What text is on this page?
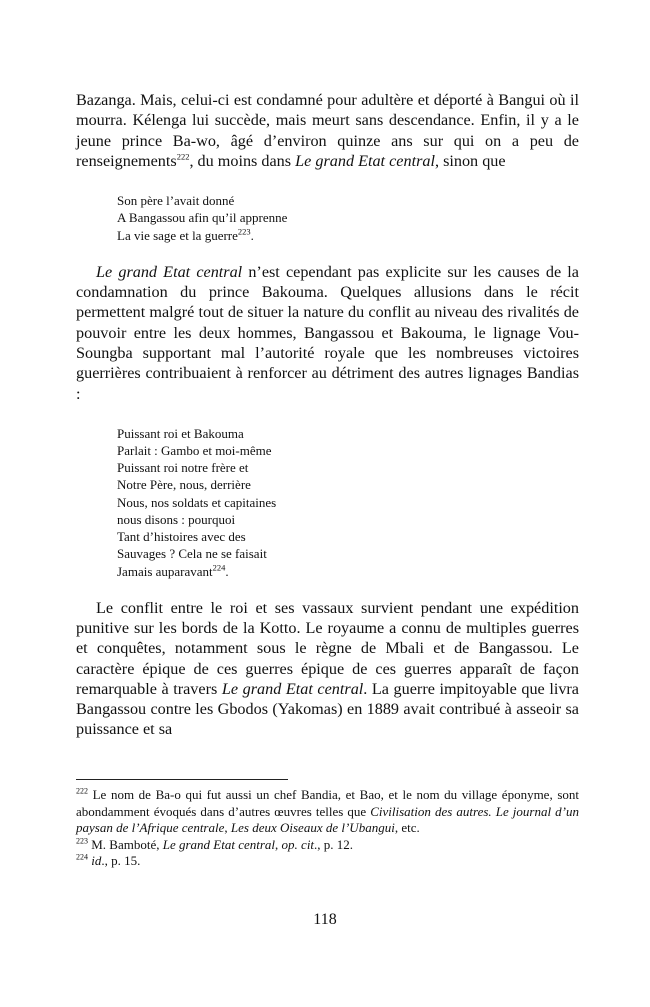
Bazanga. Mais, celui-ci est condamné pour adultère et déporté à Bangui où il mourra. Kélenga lui succède, mais meurt sans descendance. Enfin, il y a le jeune prince Ba-wo, âgé d’environ quinze ans sur qui on a peu de renseignements$^{222}$, du moins dans Le grand Etat central, sinon que

Son père l’avait donné
A Bangassou afin qu’il apprenne
La vie sage et la guerre$^{223}$.

Le grand Etat central n’est cependant pas explicite sur les causes de la condamnation du prince Bakouma. Quelques allusions dans le récit permettent malgré tout de situer la nature du conflit au niveau des rivalités de pouvoir entre les deux hommes, Bangassou et Bakouma, le lignage Vou-Soungba supportant mal l’autorité royale que les nombreuses victoires guerrières contribuaient à renforcer au détriment des autres lignages Bandias :

Puissant roi et Bakouma
Parlait : Gambo et moi-même
Puissant roi notre frère et
Notre Père, nous, derrière
Nous, nos soldats et capitaines
nous disons : pourquoi
Tant d’histoires avec des
Sauvages ? Cela ne se faisait
Jamais auparavant$^{224}$.

Le conflit entre le roi et ses vassaux survient pendant une expédition punitive sur les bords de la Kotto. Le royaume a connu de multiples guerres et conquêtes, notamment sous le règne de Mbali et de Bangassou. Le caractère épique de ces guerres épique de ces guerres apparaît de façon remarquable à travers Le grand Etat central. La guerre impitoyable que livra Bangassou contre les Gbodos (Yakomas) en 1889 avait contribué à asseoir sa puissance et sa

$^{222}$ Le nom de Ba-o qui fut aussi un chef Bandia, et Bao, et le nom du village éponyme, sont abondamment évoqués dans d’autres œuvres telles que Civilisation des autres. Le journal d’un paysan de l’Afrique centrale, Les deux Oiseaux de l’Ubangui, etc.

$^{223}$ M. Bamboté, Le grand Etat central, op. cit., p. 12.

$^{224}$ id., p. 15.

118
